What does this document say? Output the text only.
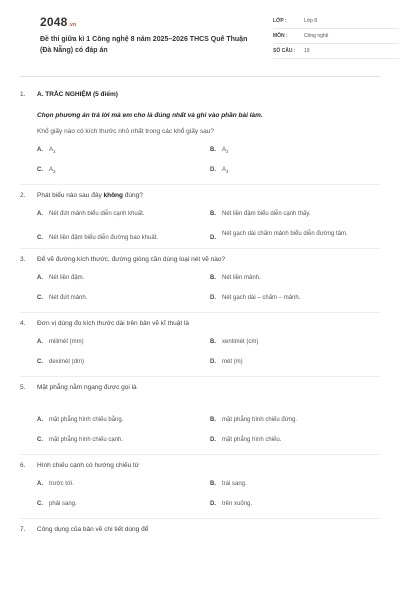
2048.vn
Đề thi giữa kì 1 Công nghệ 8 năm 2025–2026 THCS Quế Thuận (Đà Nẵng) có đáp án
LỚP :	Lớp 8
MÔN :	Công nghệ
SỐ CÂU :	19
1.	A. TRẮC NGHIỆM (5 điểm)
Chọn phương án trả lời mà em cho là đúng nhất và ghi vào phần bài làm.
Khổ giấy nào có kích thước nhỏ nhất trong các khổ giấy sau?
A.	$A_1$	B.	$A_2$
C.	$A_3$	D.	$A_4$
2.	Phát biểu nào sau đây không đúng?
A.	Nét đứt mảnh biểu diễn cạnh khuất.	B.	Nét liền đậm biểu diễn cạnh thấy.
C.	Nét liền đậm biểu diễn đường bao khuất.	D.
Nét gạch dài chấm mảnh biểu diễn đường tâm.
3.	Để vẽ đường kích thước, đường gióng cần dùng loại nét vẽ nào?
A.	Nét liền đậm.	B.	Nét liền mảnh.
C.	Nét đứt mảnh.	D.	Nét gạch dài – chấm – mảnh.
4.	Đơn vị dùng đo kích thước dài trên bản vẽ kĩ thuật là
A.	milimét (mm)	B.	xentimét (cm)
C.	deximét (dm)	D.	mét (m)
5.	Mặt phẳng nằm ngang được gọi là
A.	mặt phẳng hình chiếu bằng.	B.	mặt phẳng hình chiếu đứng.
C.	mặt phẳng hình chiếu cạnh.	D.	mặt phẳng hình chiếu.
6.	Hình chiếu cạnh có hướng chiếu từ
A.	trước tới.	B.	trái sang.
C.	phải sang.	D.	trên xuống.
7.	Công dụng của bản vẽ chi tiết dùng để
